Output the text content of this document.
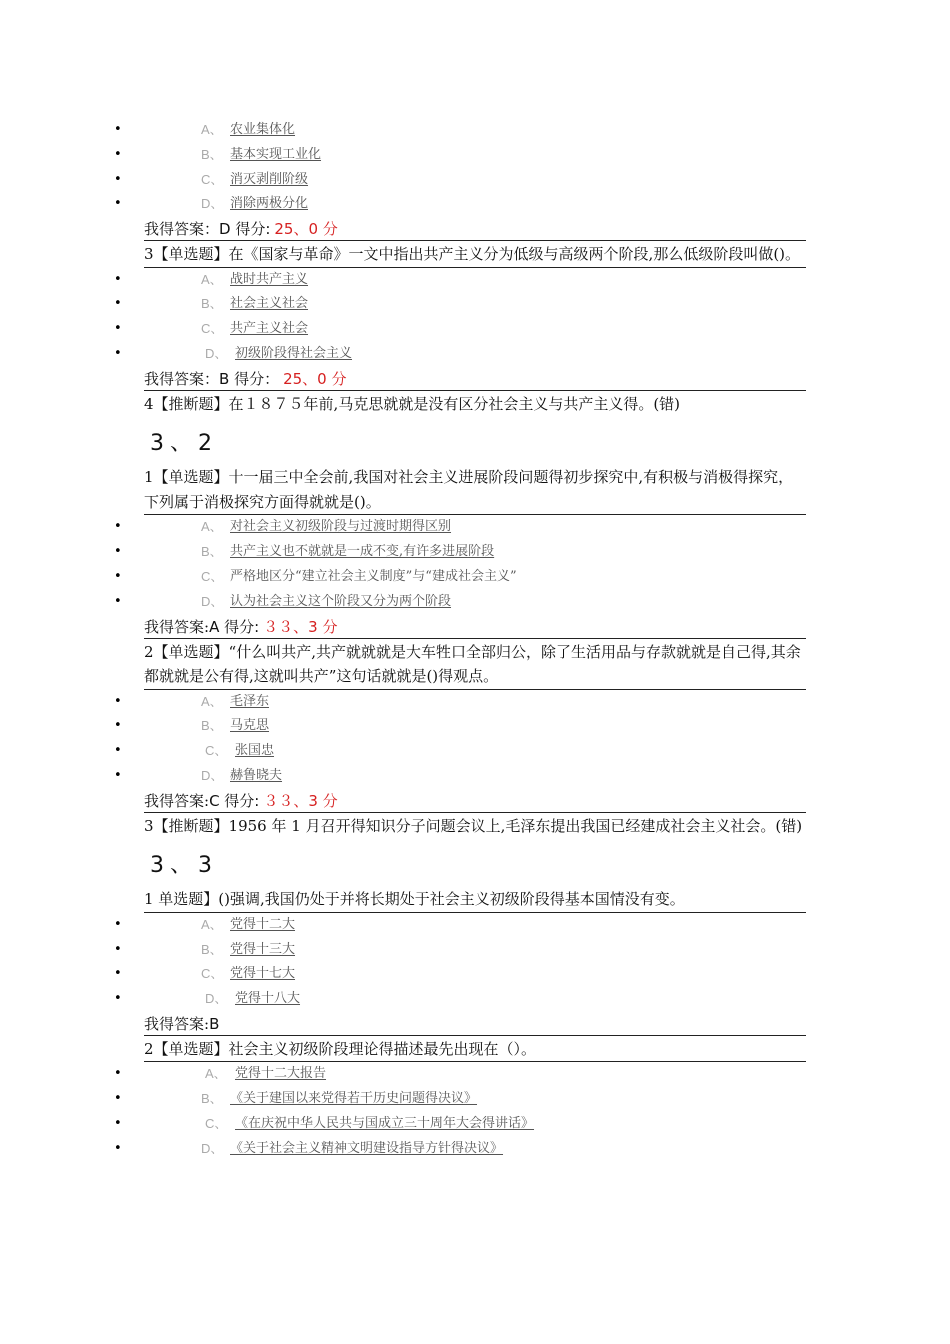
•	A、 农业集体化
•	B、 基本实现工业化
•	C、 消灭剥削阶级
•	D、 消除两极分化
我得答案：D 得分: 25、0 分
3【单选题】在《国家与革命》一文中指出共产主义分为低级与高级两个阶段,那么低级阶段叫做()。
•	A、 战时共产主义
•	B、 社会主义社会
•	C、 共产主义社会
•	D、 初级阶段得社会主义
我得答案：B 得分： 25、0 分
4【推断题】在１８７５年前,马克思就就是没有区分社会主义与共产主义得。(错)
3、2
1【单选题】十一届三中全会前,我国对社会主义进展阶段问题得初步探究中,有积极与消极得探究，下列属于消极探究方面得就就是()。
•	A、 对社会主义初级阶段与过渡时期得区别
•	B、 共产主义也不就就是一成不变,有许多进展阶段
•	C、 严格地区分“建立社会主义制度”与“建成社会主义”
•	D、 认为社会主义这个阶段又分为两个阶段
我得答案:A 得分: ３３、3 分
2【单选题】“什么叫共产,共产就就就是大车牲口全部归公，除了生活用品与存款就就是自己得,其余都就就是公有得,这就叫共产”这句话就就是()得观点。
•	A、 毛泽东
•	B、 马克思
•	C、 张国忠
•	D、 赫鲁晓夫
我得答案:C 得分: ３３、3 分
3【推断题】1956 年 1 月召开得知识分子问题会议上,毛泽东提出我国已经建成社会主义社会。(错)
3、3
1 单选题】()强调,我国仍处于并将长期处于社会主义初级阶段得基本国情没有变。
•	A、 党得十二大
•	B、 党得十三大
•	C、 党得十七大
•	D、 党得十八大
我得答案:B
2【单选题】社会主义初级阶段理论得描述最先出现在（）。
•	A、 党得十二大报告
•	B、 《关于建国以来党得若干历史问题得决议》
•	C、 《在庆祝中华人民共与国成立三十周年大会得讲话》
•	D、 《关于社会主义精神文明建设指导方针得决议》
